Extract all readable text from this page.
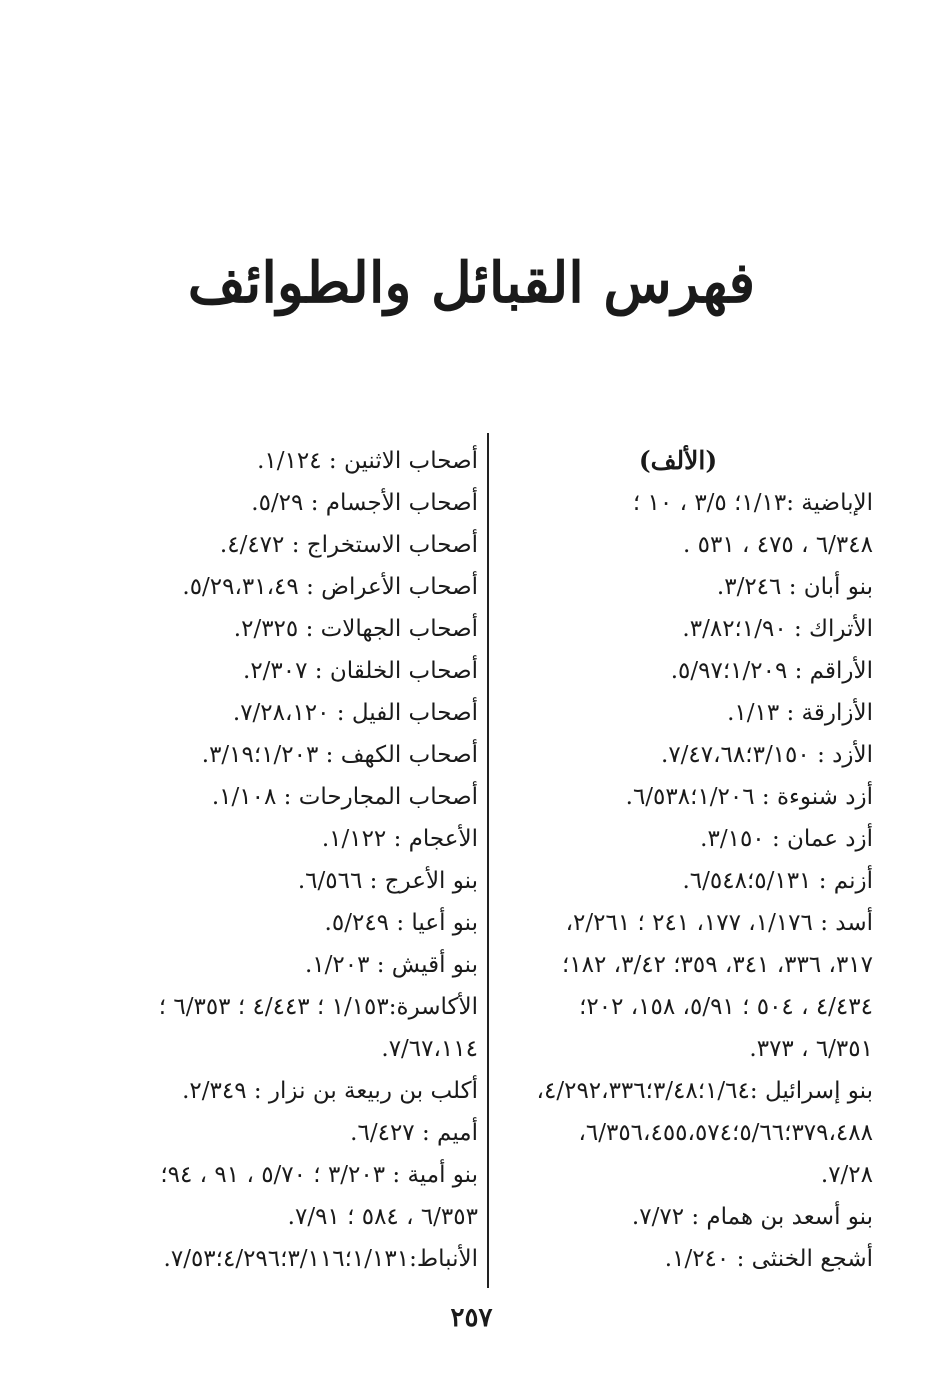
فهرس القبائل والطوائف
(الألف)
الإباضية :١/١٣؛ ٣/٥ ، ١٠ ؛
٦/٣٤٨ ، ٤٧٥ ، ٥٣١ .
بنو أبان : ٣/٢٤٦.
الأتراك : ١/٩٠؛٣/٨٢.
الأراقم : ١/٢٠٩؛٥/٩٧.
الأزارقة : ١/١٣.
الأزد : ٣/١٥٠؛٧/٤٧،٦٨.
أزد شنوءة : ١/٢٠٦؛٦/٥٣٨.
أزد عمان : ٣/١٥٠.
أزنم : ٥/١٣١؛٦/٥٤٨.
أسد : ١/١٧٦، ١٧٧، ٢٤١ ؛ ٢/٢٦١،
٣١٧، ٣٣٦، ٣٤١، ٣٥٩؛ ٣/٤٢، ١٨٢؛
٤/٤٣٤ ، ٥٠٤ ؛ ٥/٩١، ١٥٨، ٢٠٢؛
٦/٣٥١ ، ٣٧٣.
بنو إسرائيل :١/٦٤؛٣/٤٨؛٤/٢٩٢،٣٣٦،
٣٧٩،٤٨٨؛٥/٦٦؛٦/٣٥٦،٤٥٥،٥٧٤،
٧/٢٨.
بنو أسعد بن همام : ٧/٧٢.
أشجع الخنثى : ١/٢٤٠.
أصحاب الاثنين : ١/١٢٤.
أصحاب الأجسام : ٥/٢٩.
أصحاب الاستخراج : ٤/٤٧٢.
أصحاب الأعراض : ٥/٢٩،٣١،٤٩.
أصحاب الجهالات : ٢/٣٢٥.
أصحاب الخلقان : ٢/٣٠٧.
أصحاب الفيل : ٧/٢٨،١٢٠.
أصحاب الكهف : ١/٢٠٣؛٣/١٩.
أصحاب المجارحات : ١/١٠٨.
الأعجام : ١/١٢٢.
بنو الأعرج : ٦/٥٦٦.
بنو أعيا : ٥/٢٤٩.
بنو أقيش : ١/٢٠٣.
الأكاسرة:١/١٥٣ ؛ ٤/٤٤٣ ؛ ٦/٣٥٣ ؛
٧/٦٧،١١٤.
أكلب بن ربيعة بن نزار : ٢/٣٤٩.
أميم : ٦/٤٢٧.
بنو أمية : ٣/٢٠٣ ؛ ٥/٧٠ ، ٩١ ، ٩٤؛
٦/٣٥٣ ، ٥٨٤ ؛ ٧/٩١.
الأنباط:١/١٣١؛٣/١١٦؛٤/٢٩٦؛٧/٥٣.
٢٥٧
